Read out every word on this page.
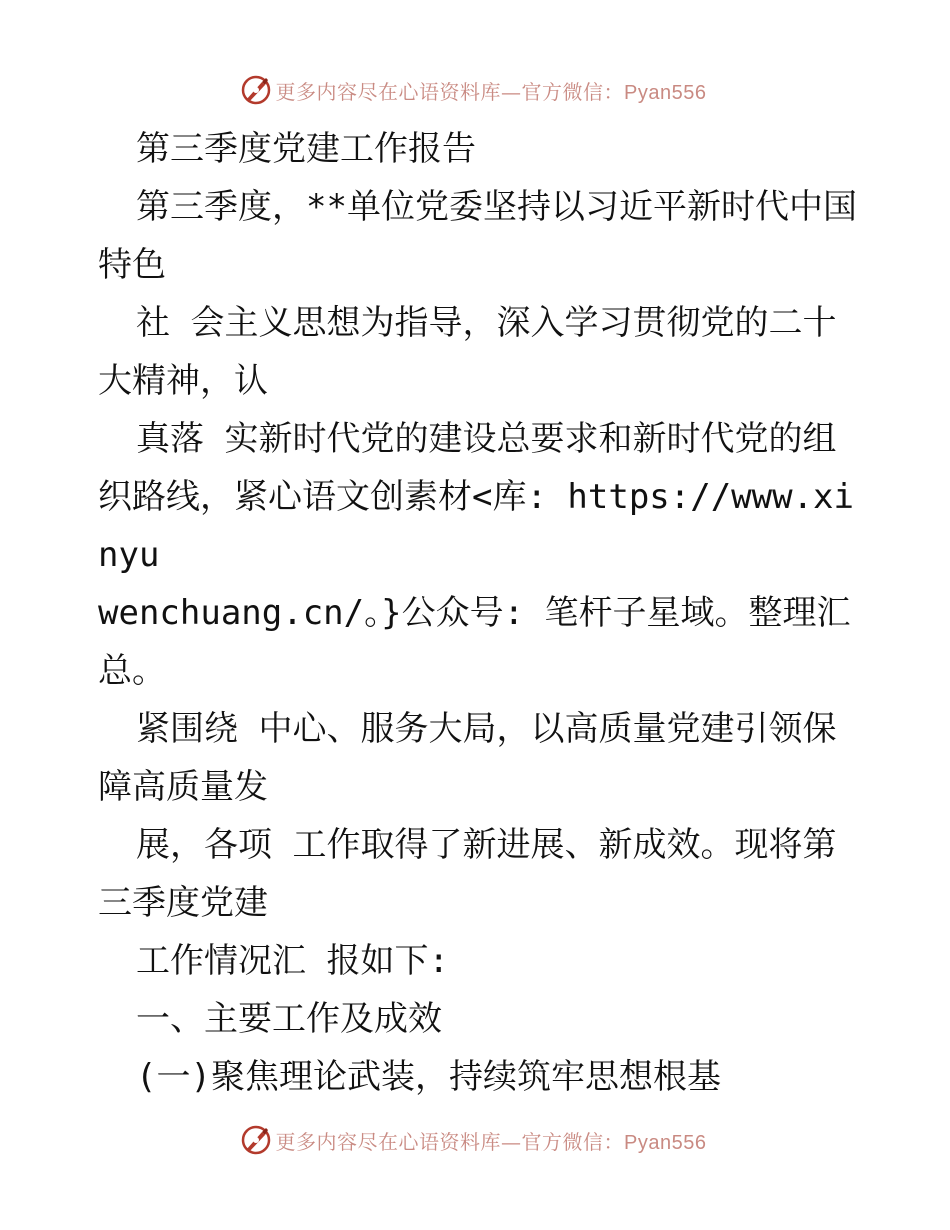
更多内容尽在心语资料库—官方微信：Pyan556

第三季度党建工作报告

第三季度，**单位党委坚持以习近平新时代中国

特色

社 会主义思想为指导，深入学习贯彻党的二十

大精神，认

真落 实新时代党的建设总要求和新时代党的组

织路线，紧心语文创素材<库: https://www.xinyu

wenchuang.cn/。}公众号: 笔杆子星域。整理汇

总。

紧围绕 中心、服务大局，以高质量党建引领保

障高质量发

展，各项 工作取得了新进展、新成效。现将第

三季度党建

工作情况汇 报如下:

一、主要工作及成效

(一)聚焦理论武装，持续筑牢思想根基

更多内容尽在心语资料库—官方微信：Pyan556
